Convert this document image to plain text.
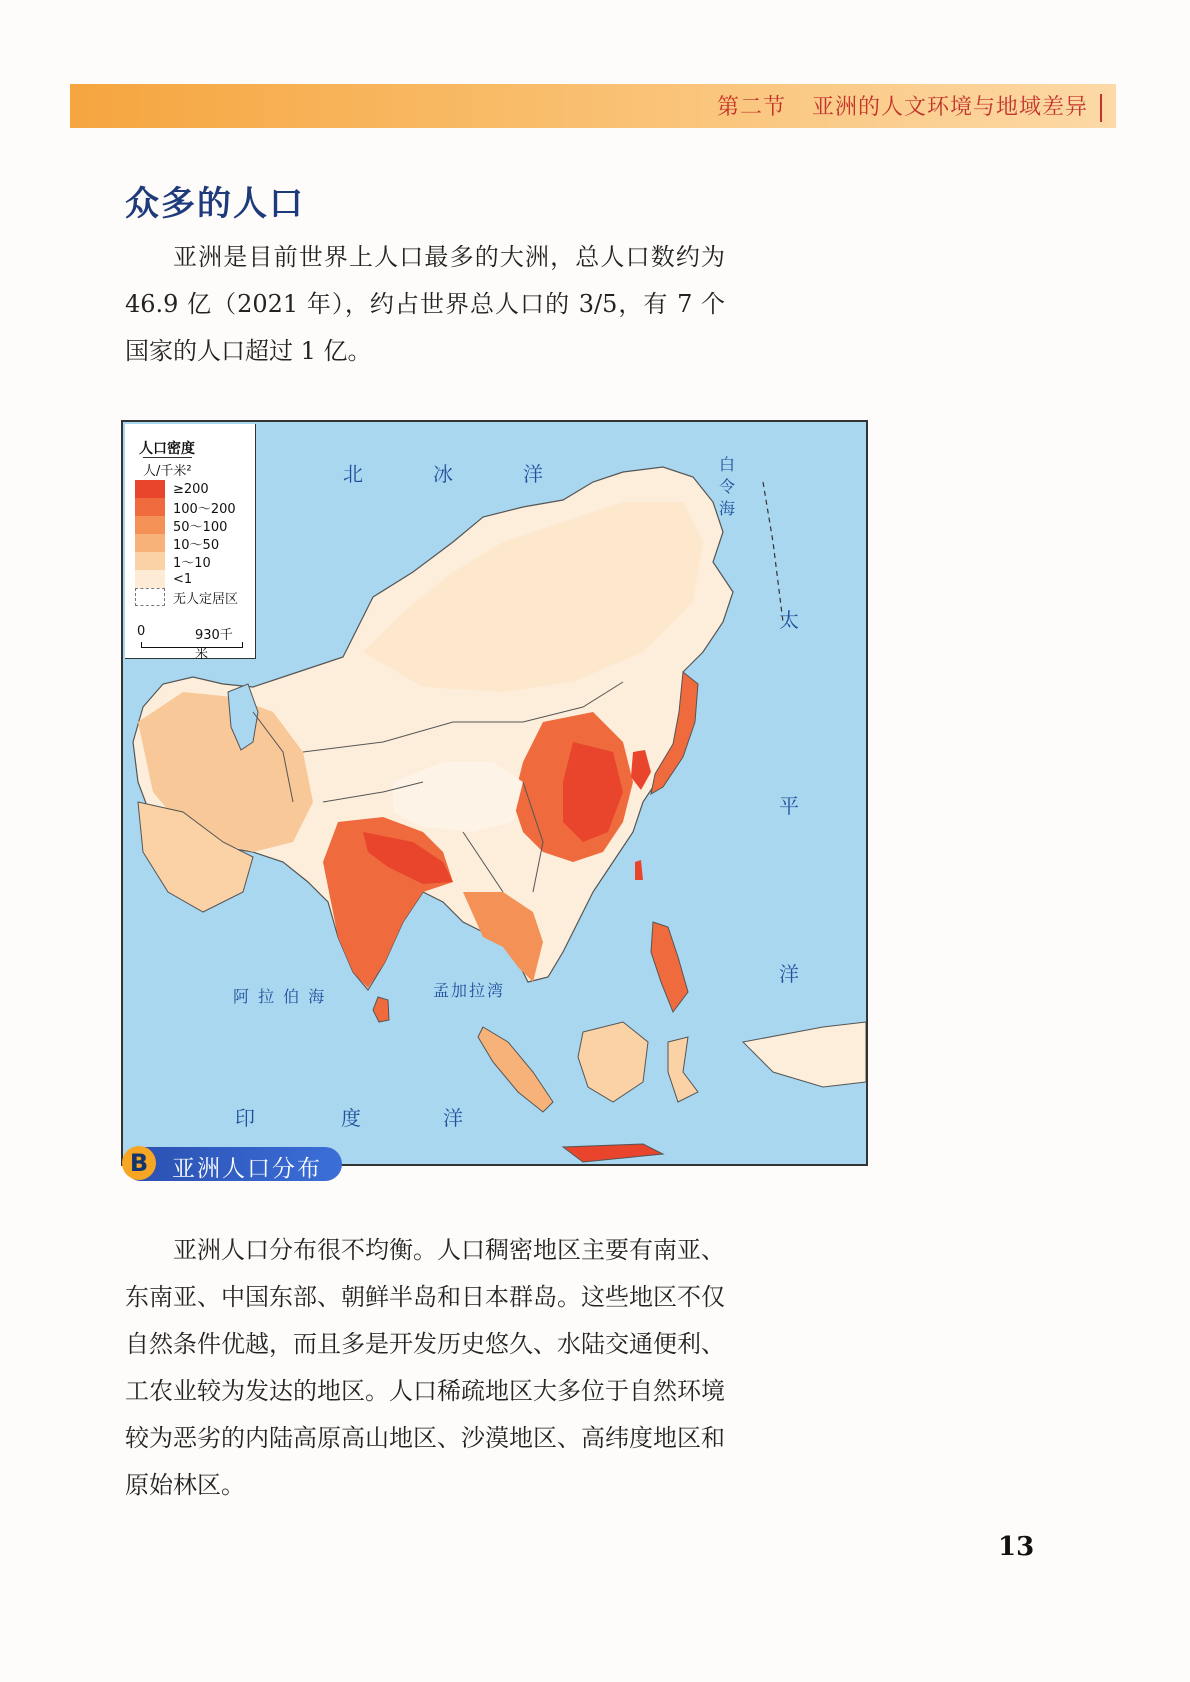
第二节 亚洲的人文环境与地域差异
众多的人口
亚洲是目前世界上人口最多的大洲，总人口数约为 46.9 亿（2021 年），约占世界总人口的 3/5，有 7 个国家的人口超过 1 亿。
人口密度
人/千米²
≥200
100～200
50～100
10～50
1～10
<1
无人定居区
0	930千米
北	冰	洋	白
令
海
太
平
洋
阿 拉 伯 海	孟加拉湾
印	度	洋
B	亚洲人口分布
亚洲人口分布很不均衡。人口稠密地区主要有南亚、东南亚、中国东部、朝鲜半岛和日本群岛。这些地区不仅自然条件优越，而且多是开发历史悠久、水陆交通便利、工农业较为发达的地区。人口稀疏地区大多位于自然环境较为恶劣的内陆高原高山地区、沙漠地区、高纬度地区和原始林区。
13
